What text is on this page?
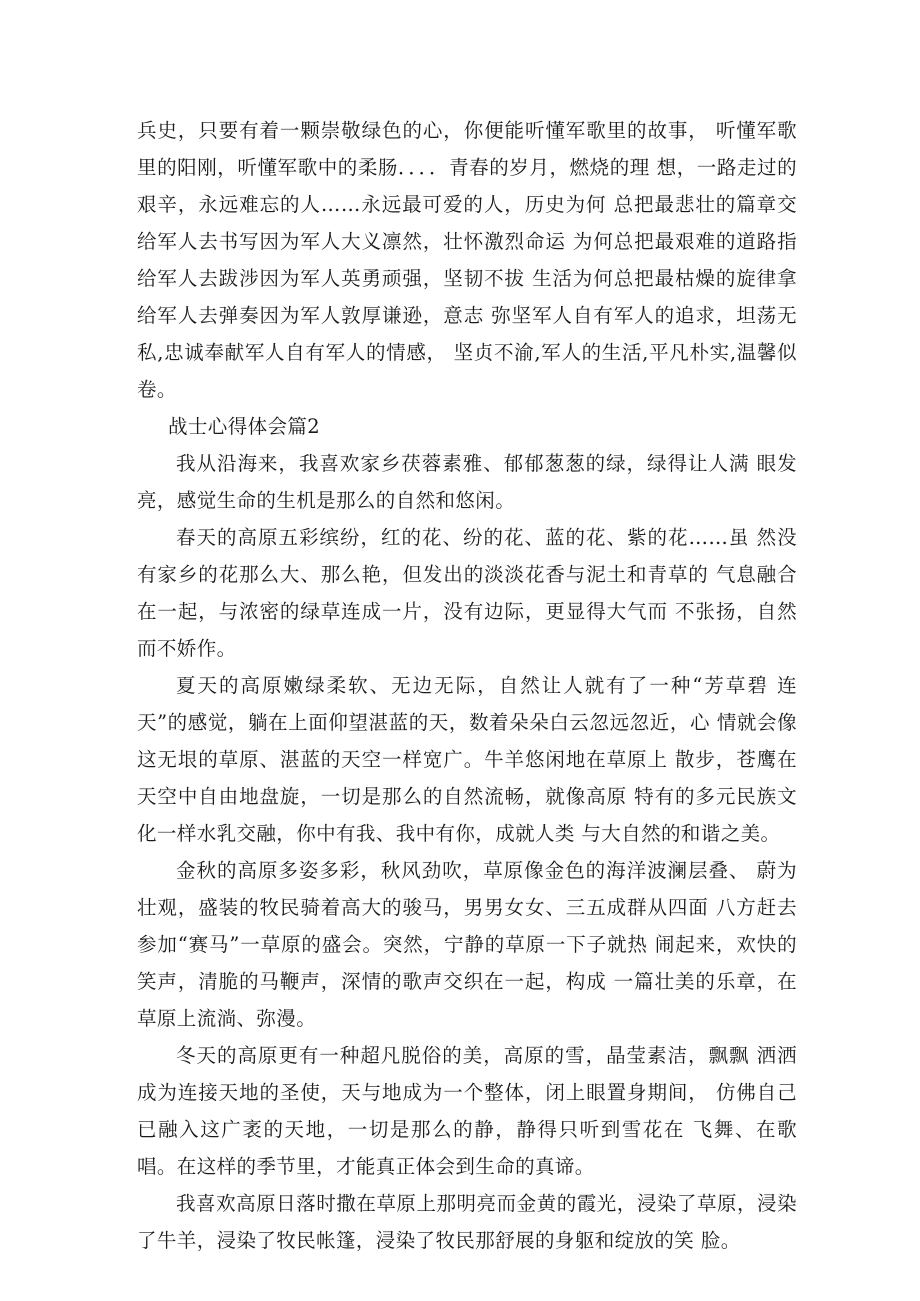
兵史，只要有着一颗崇敬绿色的心，你便能听懂军歌里的故事， 听懂军歌里的阳刚，听懂军歌中的柔肠．．．．青春的岁月，燃烧的理 想，一路走过的艰辛，永远难忘的人……永远最可爱的人，历史为何 总把最悲壮的篇章交给军人去书写因为军人大义凛然，壮怀激烈命运 为何总把最艰难的道路指给军人去跋涉因为军人英勇顽强，坚韧不拔 生活为何总把最枯燥的旋律拿给军人去弹奏因为军人敦厚谦逊，意志 弥坚军人自有军人的追求，坦荡无私,忠诚奉献军人自有军人的情感， 坚贞不渝,军人的生活,平凡朴实,温馨似卷。

战士心得体会篇2

我从沿海来，我喜欢家乡茯蓉素雅、郁郁葱葱的绿，绿得让人满 眼发亮，感觉生命的生机是那么的自然和悠闲。

春天的高原五彩缤纷，红的花、纷的花、蓝的花、紫的花……虽 然没有家乡的花那么大、那么艳，但发出的淡淡花香与泥土和青草的 气息融合在一起，与浓密的绿草连成一片，没有边际，更显得大气而 不张扬，自然而不娇作。

夏天的高原嫩绿柔软、无边无际，自然让人就有了一种“芳草碧 连天”的感觉，躺在上面仰望湛蓝的天，数着朵朵白云忽远忽近，心 情就会像这无垠的草原、湛蓝的天空一样宽广。牛羊悠闲地在草原上 散步，苍鹰在天空中自由地盘旋，一切是那么的自然流畅，就像高原 特有的多元民族文化一样水乳交融，你中有我、我中有你，成就人类 与大自然的和谐之美。

金秋的高原多姿多彩，秋风劲吹，草原像金色的海洋波澜层叠、 蔚为壮观，盛装的牧民骑着高大的骏马，男男女女、三五成群从四面 八方赶去参加“赛马”一草原的盛会。突然，宁静的草原一下子就热 闹起来，欢快的笑声，清脆的马鞭声，深情的歌声交织在一起，构成 一篇壮美的乐章，在草原上流淌、弥漫。

冬天的高原更有一种超凡脱俗的美，高原的雪，晶莹素洁，飘飘 洒洒成为连接天地的圣使，天与地成为一个整体，闭上眼置身期间， 仿佛自己已融入这广袤的天地，一切是那么的静，静得只听到雪花在 飞舞、在歌唱。在这样的季节里，才能真正体会到生命的真谛。

我喜欢高原日落时撒在草原上那明亮而金黄的霞光，浸染了草原，浸染了牛羊，浸染了牧民帐篷，浸染了牧民那舒展的身躯和绽放的笑 脸。
